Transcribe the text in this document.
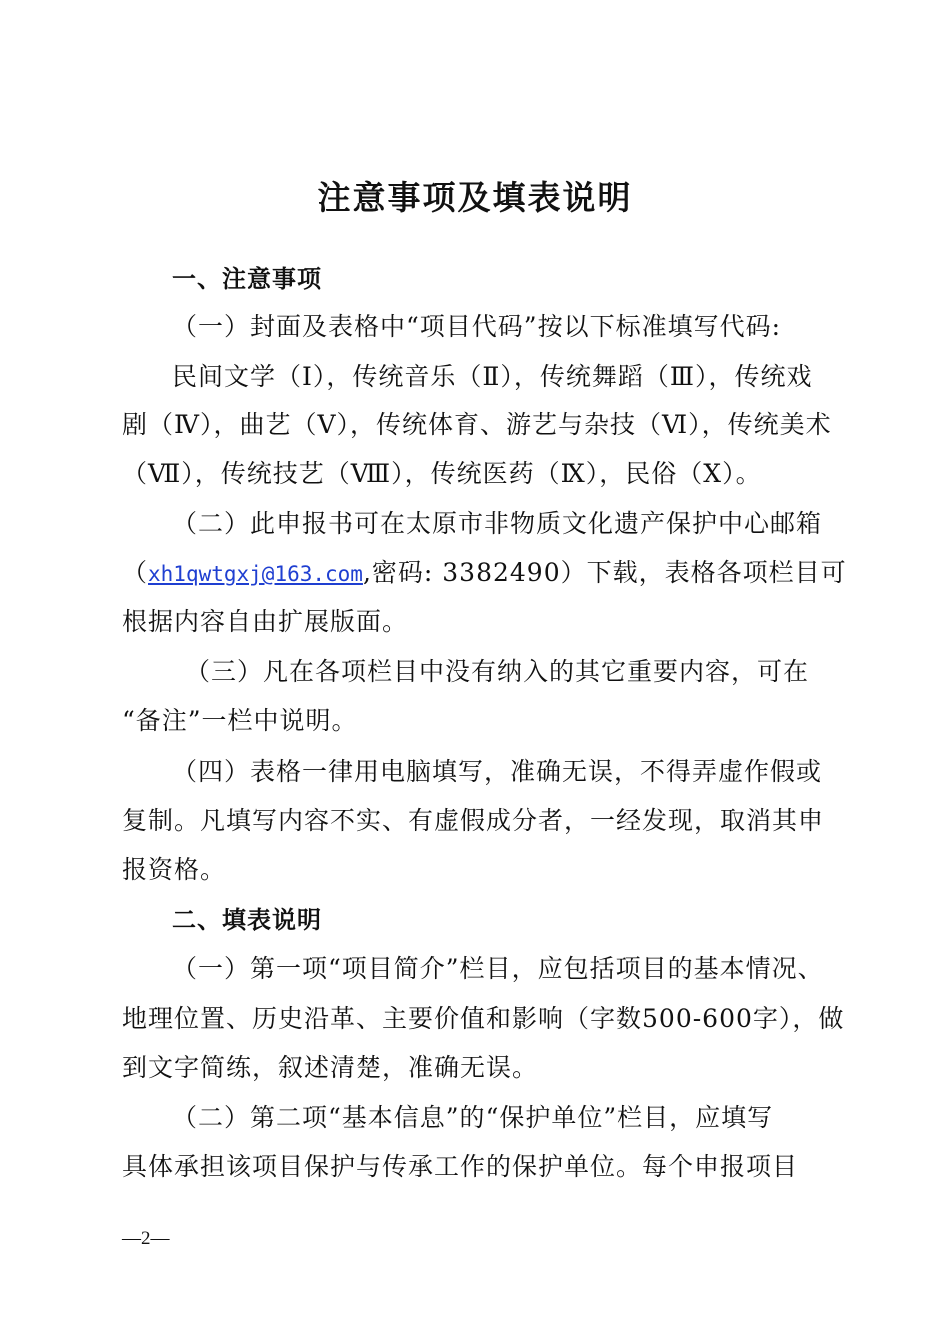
注意事项及填表说明
一、注意事项
（一）封面及表格中“项目代码”按以下标准填写代码:
民间文学（Ⅰ），传统音乐（Ⅱ），传统舞蹈（Ⅲ），传统戏
剧（Ⅳ），曲艺（Ⅴ），传统体育、游艺与杂技（Ⅵ），传统美术
（Ⅶ），传统技艺（Ⅷ），传统医药（Ⅸ），民俗（Ⅹ）。
（二）此申报书可在太原市非物质文化遗产保护中心邮箱
（xh1qwtgxj@163.com,密码: 3382490）下载，表格各项栏目可
根据内容自由扩展版面。
（三）凡在各项栏目中没有纳入的其它重要内容，可在
“备注”一栏中说明。
（四）表格一律用电脑填写，准确无误，不得弄虚作假或
复制。凡填写内容不实、有虚假成分者，一经发现，取消其申
报资格。
二、填表说明
（一）第一项“项目简介”栏目，应包括项目的基本情况、
地理位置、历史沿革、主要价值和影响（字数500-600字），做
到文字简练，叙述清楚，准确无误。
（二）第二项“基本信息”的“保护单位”栏目，应填写
具体承担该项目保护与传承工作的保护单位。每个申报项目
—2—
